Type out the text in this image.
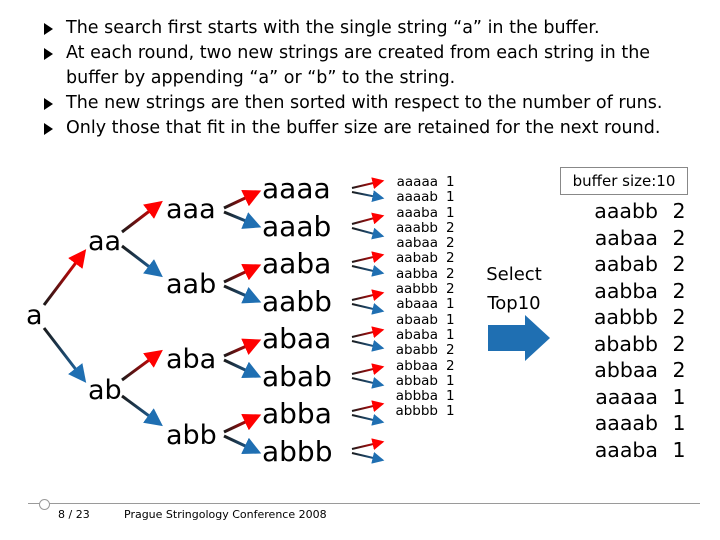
The search first starts with the single string “a” in the buffer.
At each round, two new strings are created from each string in the buffer by appending “a” or “b” to the string.
The new strings are then sorted with respect to the number of runs.
Only those that fit in the buffer size are retained for the next round.
a
aa
ab
aaa
aab
aba
abb
aaaa
aaab
aaba
aabb
abaa
abab
abba
abbb
aaaaa
aaaab
aaaba
aaabb
aabaa
aabab
aabba
aabbb
abaaa
abaab
ababa
ababb
abbaa
abbab
abbba
abbbb
1
1
1
2
2
2
2
2
1
1
1
2
2
1
1
1
buffer size:10
Select Top10
aaabb
aabaa
aabab
aabba
aabbb
ababb
abbaa
aaaaa
aaaab
aaaba
2
2
2
2
2
2
2
1
1
1
8 / 23	Prague Stringology Conference 2008
